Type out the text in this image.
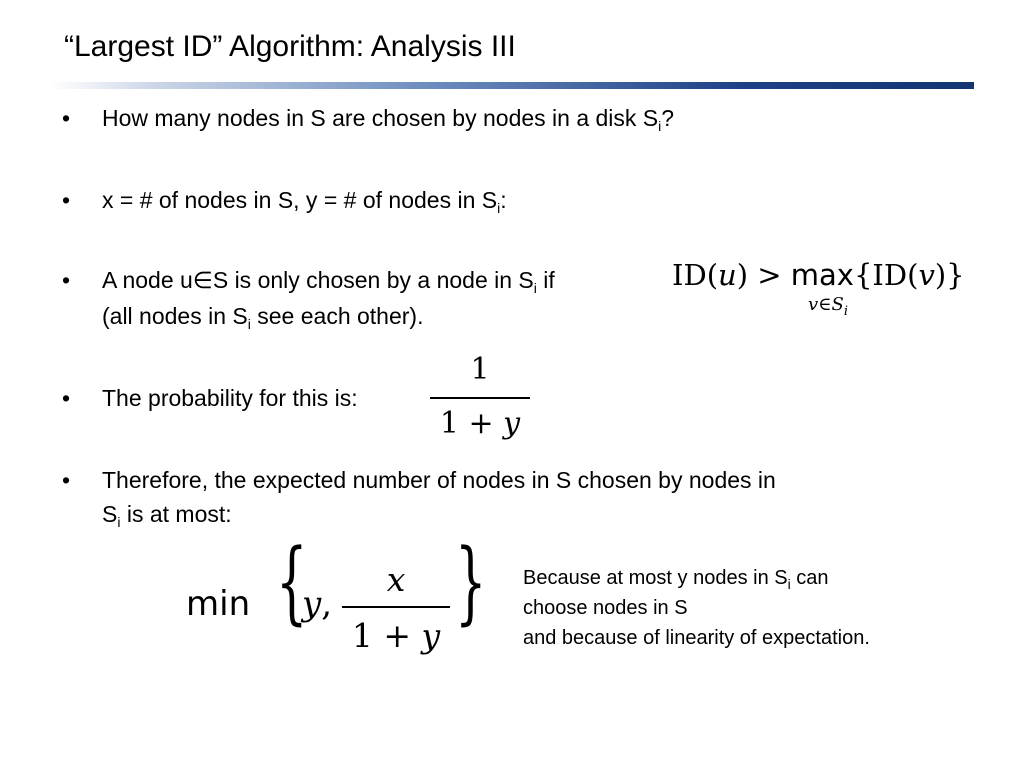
“Largest ID” Algorithm: Analysis III
• How many nodes in S are chosen by nodes in a disk $S_i$?
• x = # of nodes in S, y = # of nodes in $S_i$:
• A node u∈S is only chosen by a node in $S_i$ if
(all nodes in $S_i$ see each other).
ID(u) > max{ID(v)}
$v\in S_i$
• The probability for this is:
1
1 + y
• Therefore, the expected number of nodes in S chosen by nodes in
$S_i$ is at most:
min {
y,
x
1 + y
} Because at most y nodes in $S_i$ can
choose nodes in S
and because of linearity of expectation.
